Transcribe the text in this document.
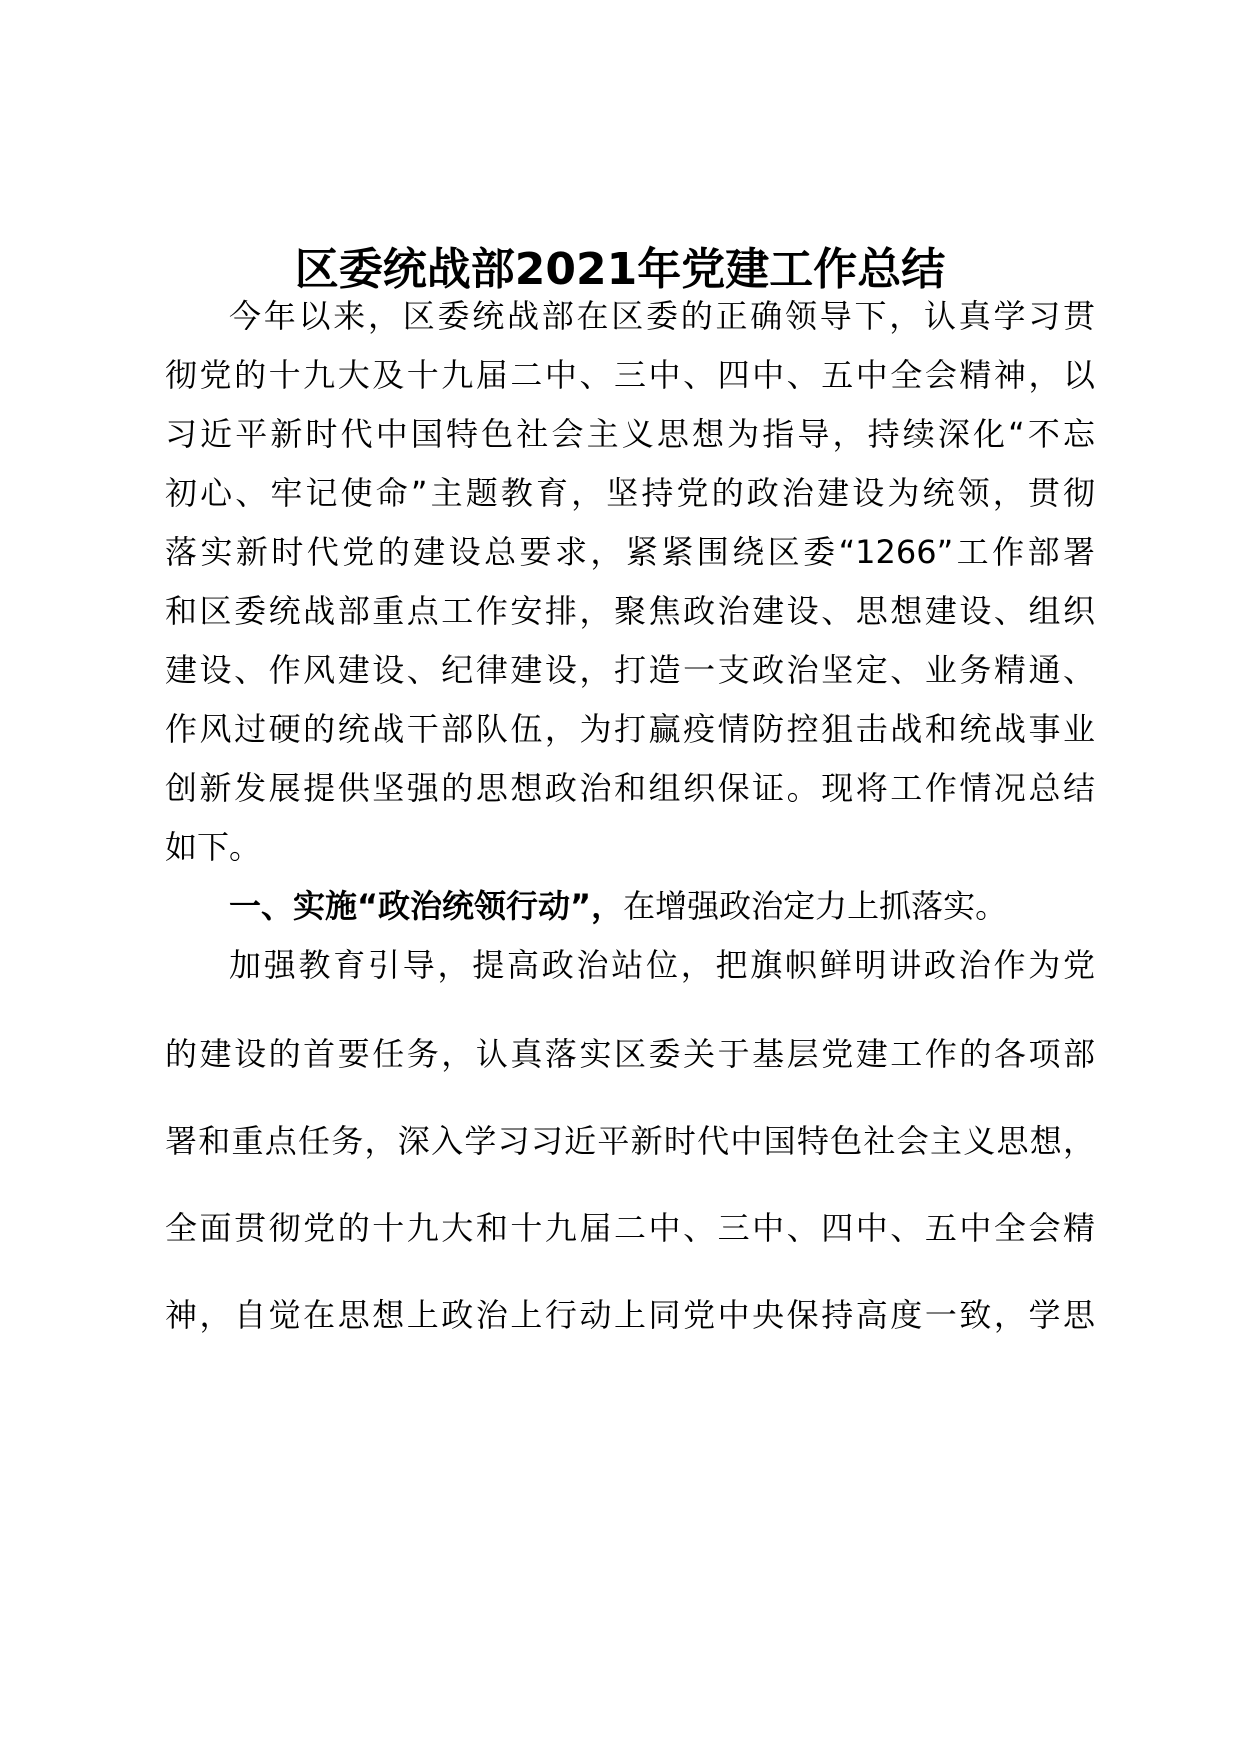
区委统战部2021年党建工作总结
今年以来，区委统战部在区委的正确领导下，认真学习贯
彻党的十九大及十九届二中、三中、四中、五中全会精神，以
习近平新时代中国特色社会主义思想为指导，持续深化“不忘
初心、牢记使命”主题教育，坚持党的政治建设为统领，贯彻
落实新时代党的建设总要求，紧紧围绕区委“1266”工作部署
和区委统战部重点工作安排，聚焦政治建设、思想建设、组织
建设、作风建设、纪律建设，打造一支政治坚定、业务精通、
作风过硬的统战干部队伍，为打赢疫情防控狙击战和统战事业
创新发展提供坚强的思想政治和组织保证。现将工作情况总结
如下。
一、实施“政治统领行动”，在增强政治定力上抓落实。
加强教育引导，提高政治站位，把旗帜鲜明讲政治作为党
的建设的首要任务，认真落实区委关于基层党建工作的各项部
署和重点任务，深入学习习近平新时代中国特色社会主义思想，
全面贯彻党的十九大和十九届二中、三中、四中、五中全会精
神，自觉在思想上政治上行动上同党中央保持高度一致，学思
